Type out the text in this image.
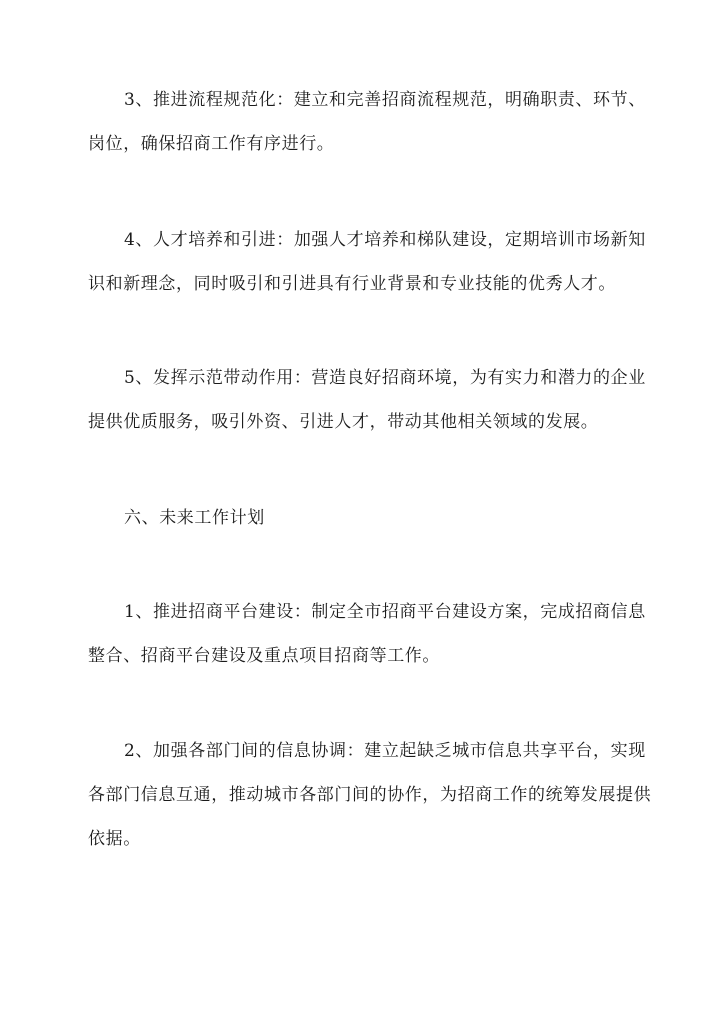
3、推进流程规范化：建立和完善招商流程规范，明确职责、环节、
岗位，确保招商工作有序进行。

4、人才培养和引进：加强人才培养和梯队建设，定期培训市场新知
识和新理念，同时吸引和引进具有行业背景和专业技能的优秀人才。

5、发挥示范带动作用：营造良好招商环境，为有实力和潜力的企业
提供优质服务，吸引外资、引进人才，带动其他相关领域的发展。

六、未来工作计划

1、推进招商平台建设：制定全市招商平台建设方案，完成招商信息
整合、招商平台建设及重点项目招商等工作。

2、加强各部门间的信息协调：建立起缺乏城市信息共享平台，实现
各部门信息互通，推动城市各部门间的协作，为招商工作的统筹发展提供
依据。
